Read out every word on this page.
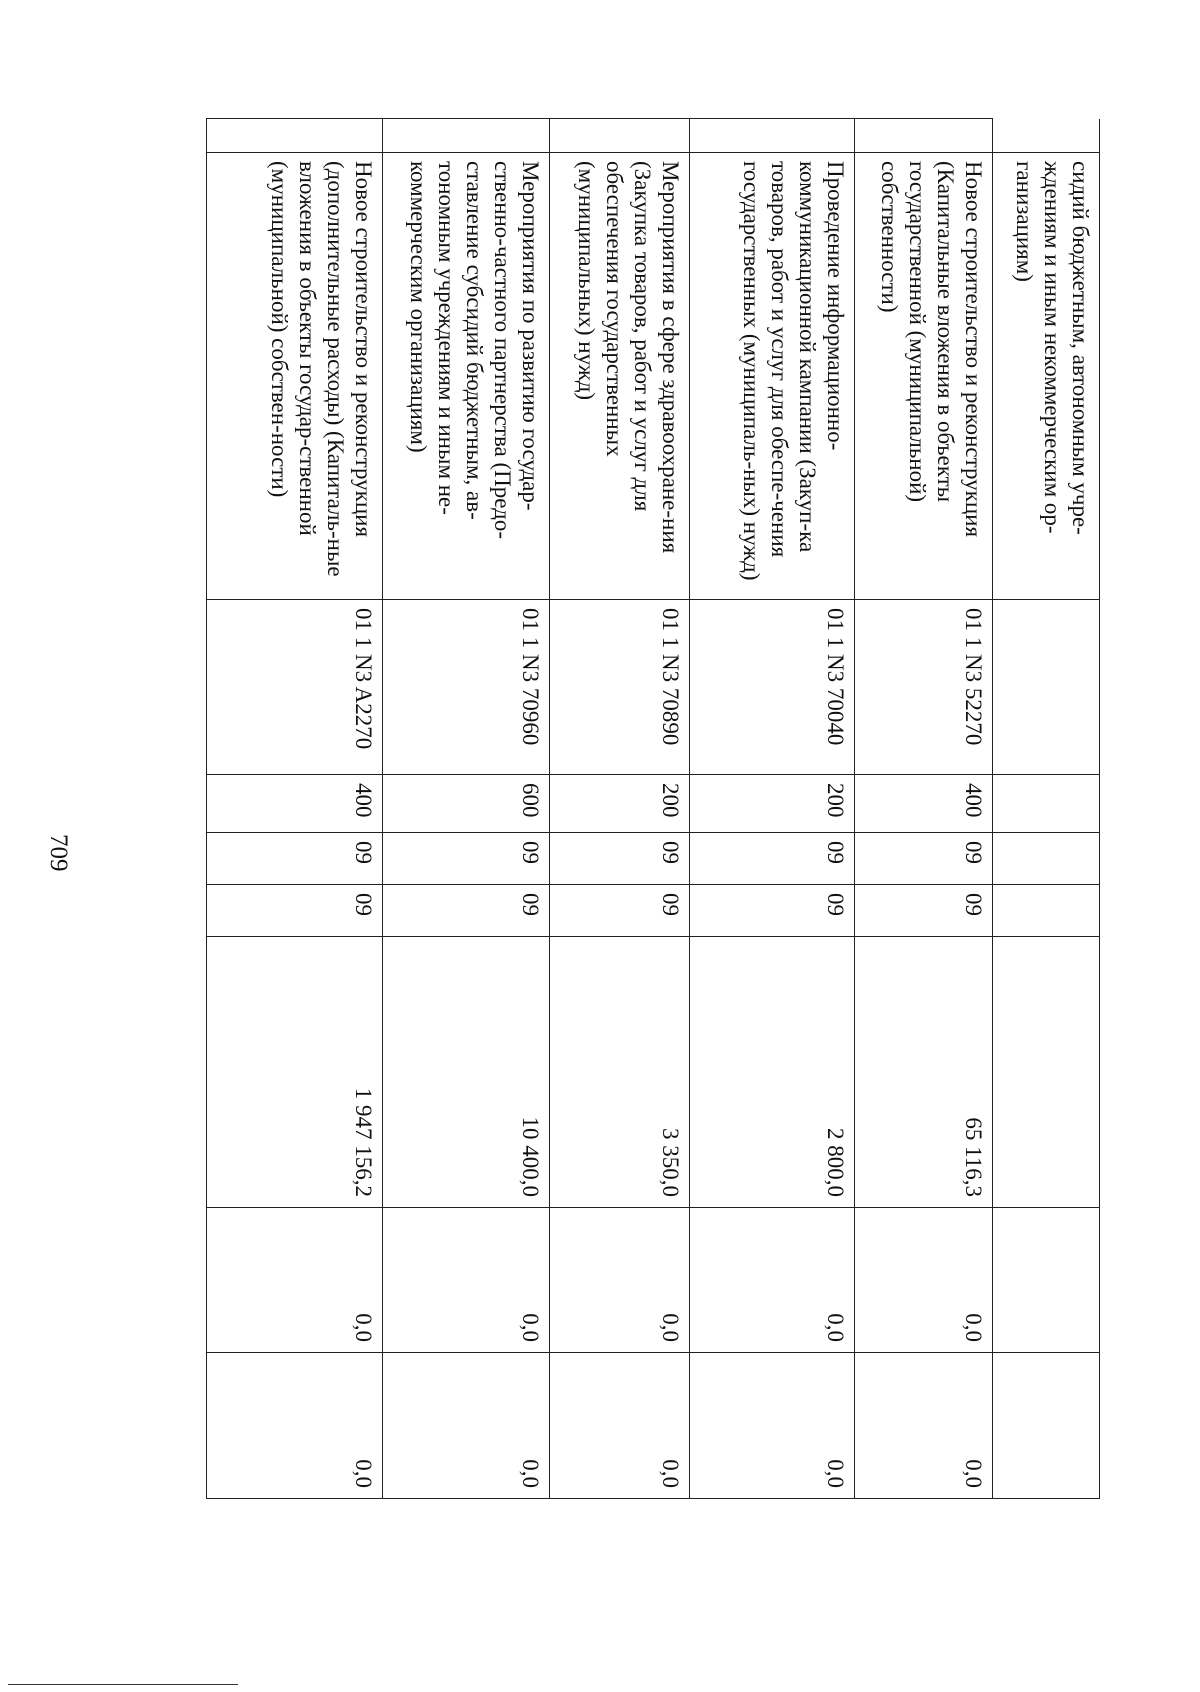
709
	сидий бюджетным, автономным учре-ждениям и иным некоммерческим ор-ганизациям)							
	Новое строительство и реконструкция (Капитальные вложения в объекты государственной (муниципальной) собственности)	01 1 N3 52270	400	09	09	65 116,3	0,0	0,0
	Проведение информационно-коммуникационной кампании (Закуп-ка товаров, работ и услуг для обеспе-чения государственных (муниципаль-ных) нужд)	01 1 N3 70040	200	09	09	2 800,0	0,0	0,0
	Мероприятия в сфере здравоохране-ния (Закупка товаров, работ и услуг для обеспечения государственных (муниципальных) нужд)	01 1 N3 70890	200	09	09	3 350,0	0,0	0,0
	Мероприятия по развитию государ-ственно-частного партнерства (Предо-ставление субсидий бюджетным, ав-тономным учреждениям и иным не-коммерческим организациям)	01 1 N3 70960	600	09	09	10 400,0	0,0	0,0
	Новое строительство и реконструкция (дополнительные расходы) (Капиталь-ные вложения в объекты государ-ственной (муниципальной) собствен-ности)	01 1 N3 A2270	400	09	09	1 947 156,2	0,0	0,0
